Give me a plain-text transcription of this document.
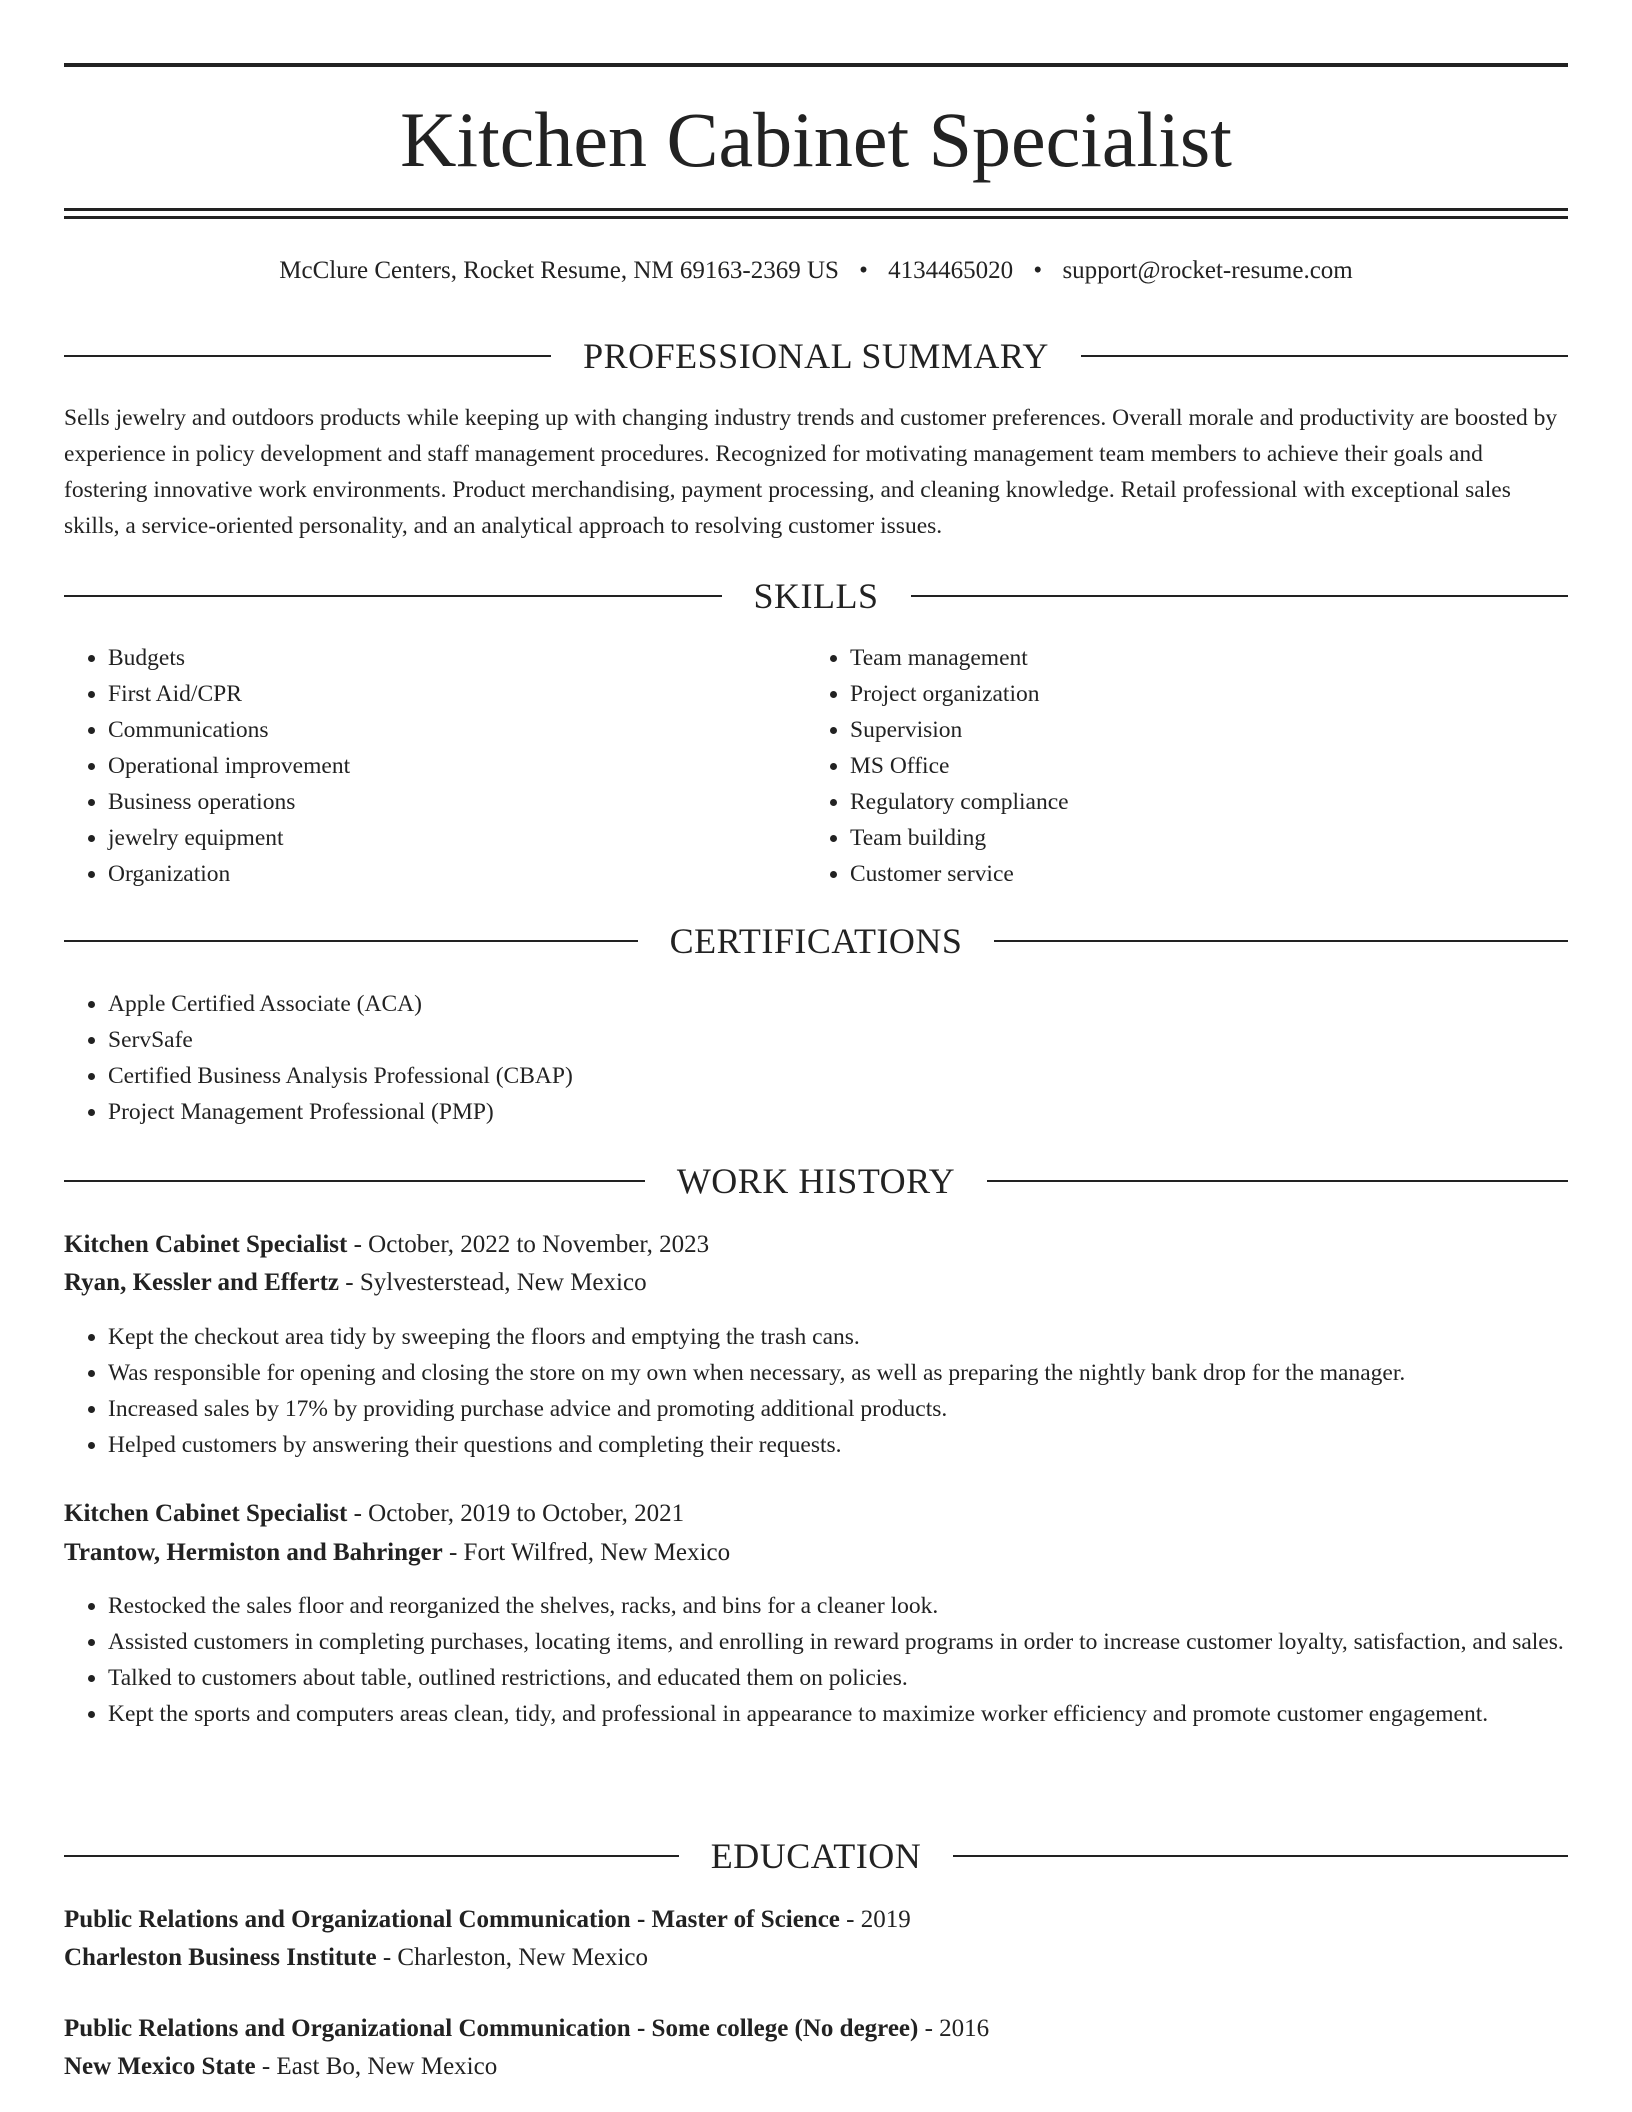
Kitchen Cabinet Specialist
McClure Centers, Rocket Resume, NM 69163-2369 US • 4134465020 • support@rocket-resume.com
PROFESSIONAL SUMMARY

Sells jewelry and outdoors products while keeping up with changing industry trends and customer preferences. Overall morale and productivity are boosted by experience in policy development and staff management procedures. Recognized for motivating management team members to achieve their goals and fostering innovative work environments. Product merchandising, payment processing, and cleaning knowledge. Retail professional with exceptional sales skills, a service-oriented personality, and an analytical approach to resolving customer issues.

SKILLS
• Budgets
• First Aid/CPR
• Communications
• Operational improvement
• Business operations
• jewelry equipment
• Organization
• Team management
• Project organization
• Supervision
• MS Office
• Regulatory compliance
• Team building
• Customer service
CERTIFICATIONS
• Apple Certified Associate (ACA)
• ServSafe
• Certified Business Analysis Professional (CBAP)
• Project Management Professional (PMP)
WORK HISTORY
Kitchen Cabinet Specialist - October, 2022 to November, 2023
Ryan, Kessler and Effertz - Sylvesterstead, New Mexico
• Kept the checkout area tidy by sweeping the floors and emptying the trash cans.
• Was responsible for opening and closing the store on my own when necessary, as well as preparing the nightly bank drop for the manager.
• Increased sales by 17% by providing purchase advice and promoting additional products.
• Helped customers by answering their questions and completing their requests.
Kitchen Cabinet Specialist - October, 2019 to October, 2021
Trantow, Hermiston and Bahringer - Fort Wilfred, New Mexico
• Restocked the sales floor and reorganized the shelves, racks, and bins for a cleaner look.
• Assisted customers in completing purchases, locating items, and enrolling in reward programs in order to increase customer loyalty, satisfaction, and sales.
• Talked to customers about table, outlined restrictions, and educated them on policies.
• Kept the sports and computers areas clean, tidy, and professional in appearance to maximize worker efficiency and promote customer engagement.
EDUCATION
Public Relations and Organizational Communication - Master of Science - 2019
Charleston Business Institute - Charleston, New Mexico
Public Relations and Organizational Communication - Some college (No degree) - 2016
New Mexico State - East Bo, New Mexico
